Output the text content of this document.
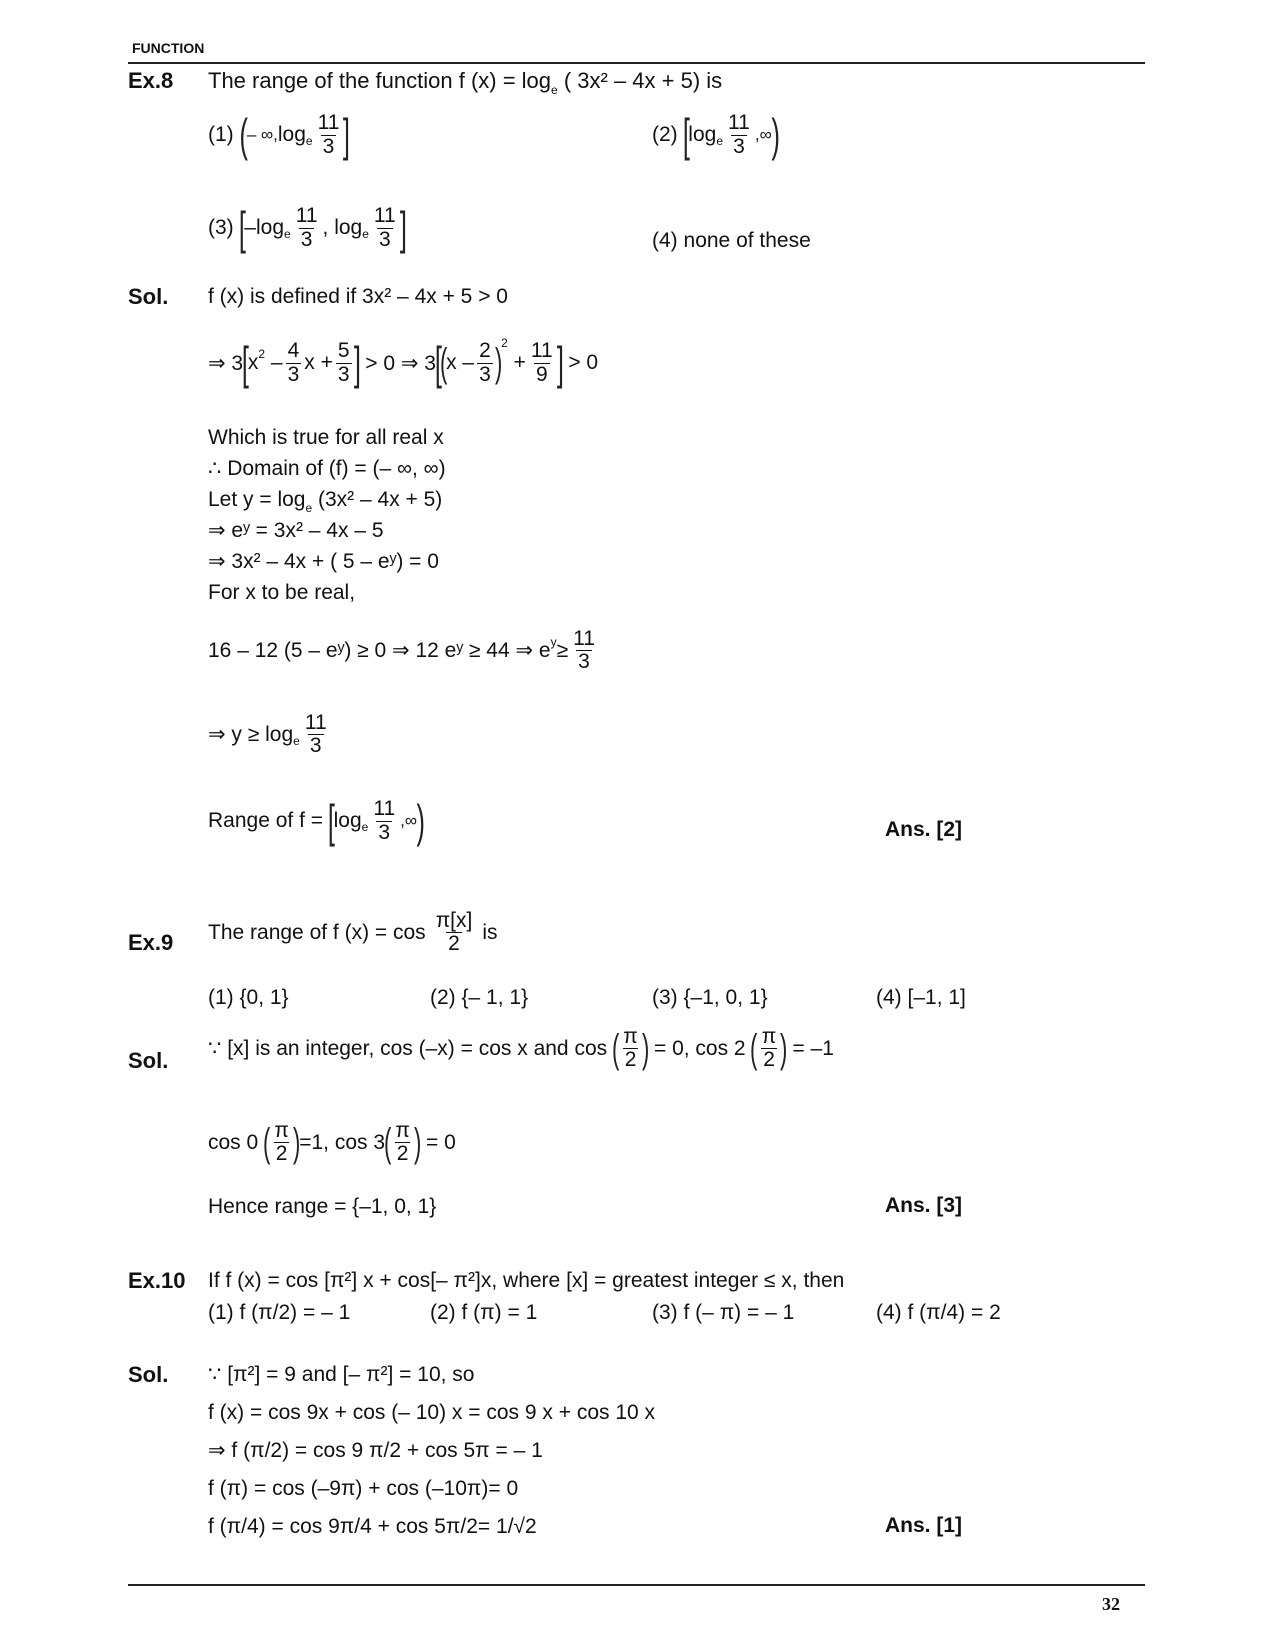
FUNCTION
Ex.8 The range of the function f $(x) = \log_e$ ( 3x² – 4x + 5) is
(1)
( – ∞, log e $\frac{11}{3}$ ]	(2)
[
log e $\frac{11}{3}$ , ∞ )
(3)
[
– log e $\frac{11}{3}$ , log e $\frac{11}{3}$ ]	(4) none of these
Sol. f (x) is defined if 3x² – 4x + 5 > 0
⇒ 3
[
x 2
– $\frac{4}{3}$ $x + \frac{5}{3}$ ]
> 0 ⇒ 3
[
(
x – $\frac{2}{3}$ )
2

+ $\frac{11}{9}$ ]
> 0
Which is true for all real x
∴ Domain of (f) = (– ∞, ∞)
Let $y = \log_e (3x^2 - 4x + 5)$
⇒ eʸ = 3x² – 4x – 5
⇒ 3x² – 4x + ( 5 – eʸ) = 0
For x to be real,
16 – 12 (5 – eʸ) ≥ 0 ⇒ 12 eʸ ≥ 44 ⇒ e $y \ge \frac{11}{3}$
⇒ y ≥ log e $\frac{11}{3}$
Range of f =
[
log e $\frac{11}{3}$ , ∞ )	Ans. [2]
Ex.9 The range of f $(x) = \cos \frac{\pi[x]}{2}$ is
(1) {0, 1}	(2) {– 1, 1}	(3) {–1, 0, 1}	(4) [–1, 1]
Sol. ∵ [x] is an integer, cos (–x) = cos x and cos
( $\frac{\pi}{2}$ )
= 0, cos 2
( $\frac{\pi}{2}$ )
= –1
cos 0
( $\frac{\pi}{2}$ )
=1, cos 3
( $\frac{\pi}{2}$ )
= 0
Hence range = {–1, 0, 1}	Ans. [3]
Ex.10 If f (x) = cos [π²] x + cos[– π²]x, where [x] = greatest integer ≤ x, then
(1) f (π/2) = – 1	(2) f (π) = 1	(3) f (– π) = – 1	(4) f (π/4) = 2
Sol. ∵ [π²] = 9 and [– π²] = 10, so
f (x) = cos 9x + cos (– 10) x = cos 9 x + cos 10 x
⇒ f (π/2) = cos 9 π/2 + cos 5π = – 1
f (π) = cos (–9π) + cos (–10π)= 0
f (π/4) = cos 9π/4 + cos 5π/2= 1/√2	Ans. [1]
32
